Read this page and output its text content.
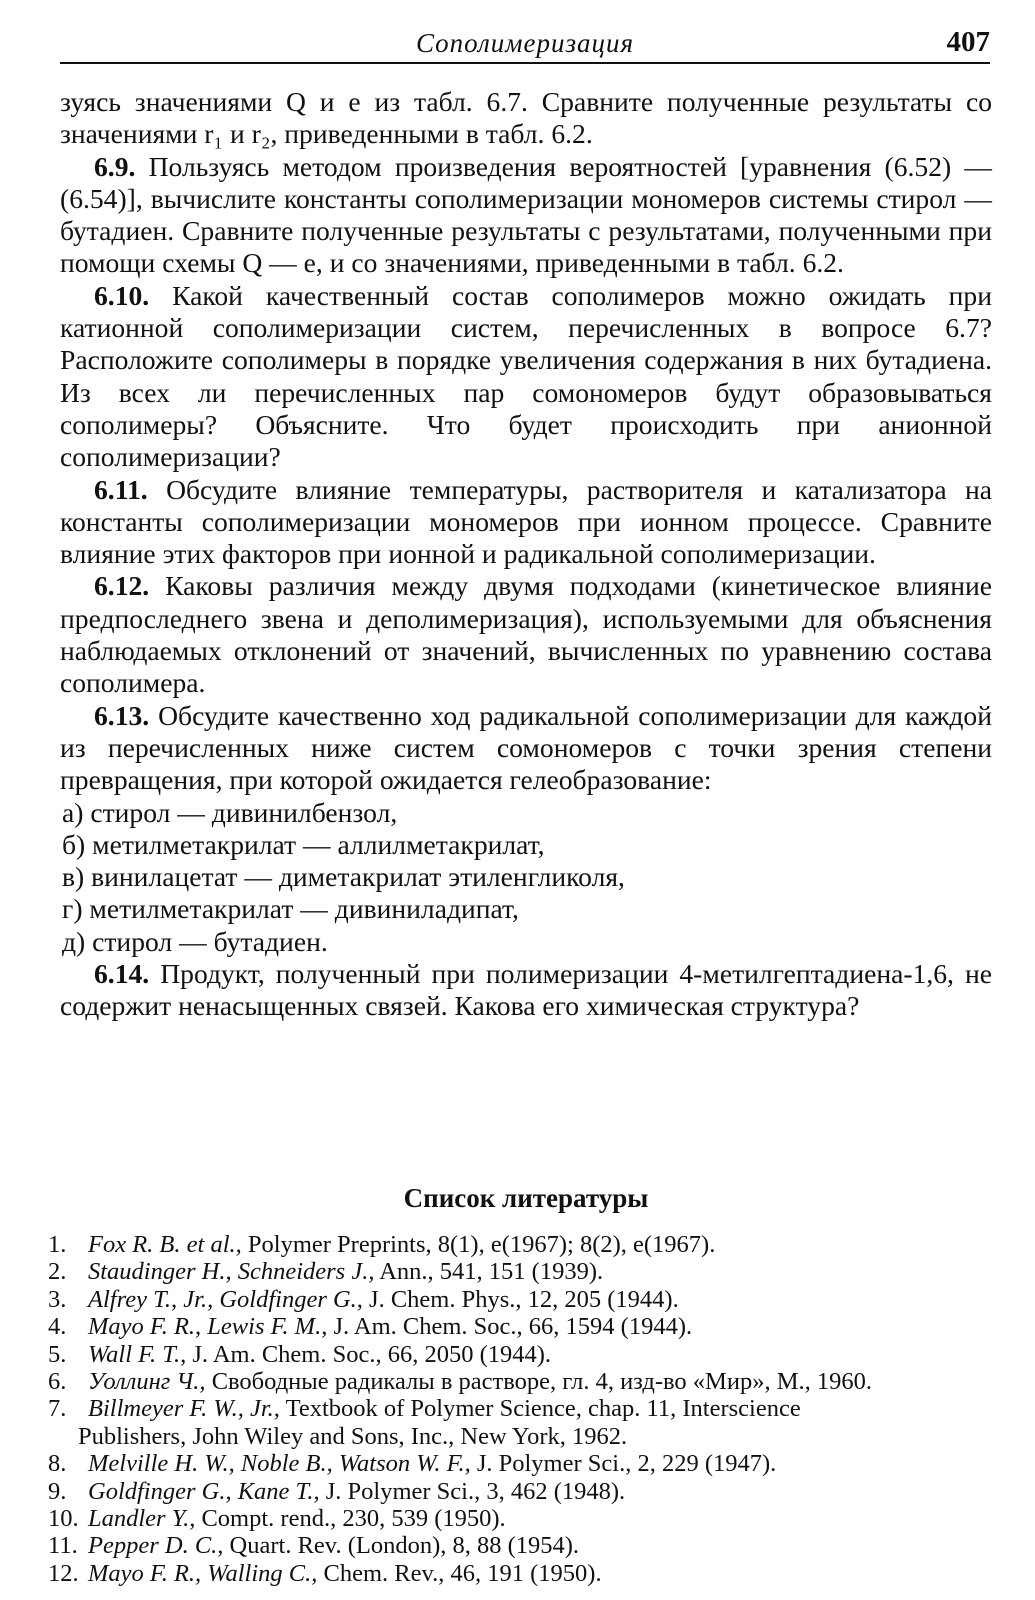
Сополимеризация	407

зуясь значениями Q и e из табл. 6.7. Сравните полученные результаты со значениями r₁ и r₂, приведенными в табл. 6.2.

6.9. Пользуясь методом произведения вероятностей [уравнения (6.52) — (6.54)], вычислите константы сополимеризации мономеров системы стирол — бутадиен. Сравните полученные результаты с результатами, полученными при помощи схемы Q — e, и со значениями, приведенными в табл. 6.2.

6.10. Какой качественный состав сополимеров можно ожидать при катионной сополимеризации систем, перечисленных в вопросе 6.7? Расположите сополимеры в порядке увеличения содержания в них бутадиена. Из всех ли перечисленных пар сомономеров будут образовываться сополимеры? Объясните. Что будет происходить при анионной сополимеризации?

6.11. Обсудите влияние температуры, растворителя и катализатора на константы сополимеризации мономеров при ионном процессе. Сравните влияние этих факторов при ионной и радикальной сополимеризации.

6.12. Каковы различия между двумя подходами (кинетическое влияние предпоследнего звена и деполимеризация), используемыми для объяснения наблюдаемых отклонений от значений, вычисленных по уравнению состава сополимера.

6.13. Обсудите качественно ход радикальной сополимеризации для каждой из перечисленных ниже систем сомономеров с точки зрения степени превращения, при которой ожидается гелеобразование:

а) стирол — дивинилбензол,

б) метилметакрилат — аллилметакрилат,

в) винилацетат — диметакрилат этиленгликоля,

г) метилметакрилат — дивиниладипат,

д) стирол — бутадиен.

6.14. Продукт, полученный при полимеризации 4-метилгептадиена-1,6, не содержит ненасыщенных связей. Какова его химическая структура?

Список литературы
1. Fox R. B. et al., Polymer Preprints, 8(1), e(1967); 8(2), e(1967).
2. Staudinger H., Schneiders J., Ann., 541, 151 (1939).
3. Alfrey T., Jr., Goldfinger G., J. Chem. Phys., 12, 205 (1944).
4. Mayo F. R., Lewis F. M., J. Am. Chem. Soc., 66, 1594 (1944).
5. Wall F. T., J. Am. Chem. Soc., 66, 2050 (1944).
6. Уоллинг Ч., Свободные радикалы в растворе, гл. 4, изд-во «Мир», М., 1960.
7. Billmeyer F. W., Jr., Textbook of Polymer Science, chap. 11, Interscience
Publishers, John Wiley and Sons, Inc., New York, 1962.
8. Melville H. W., Noble B., Watson W. F., J. Polymer Sci., 2, 229 (1947).
9. Goldfinger G., Kane T., J. Polymer Sci., 3, 462 (1948).
10. Landler Y., Compt. rend., 230, 539 (1950).
11. Pepper D. C., Quart. Rev. (London), 8, 88 (1954).
12. Mayo F. R., Walling C., Chem. Rev., 46, 191 (1950).
